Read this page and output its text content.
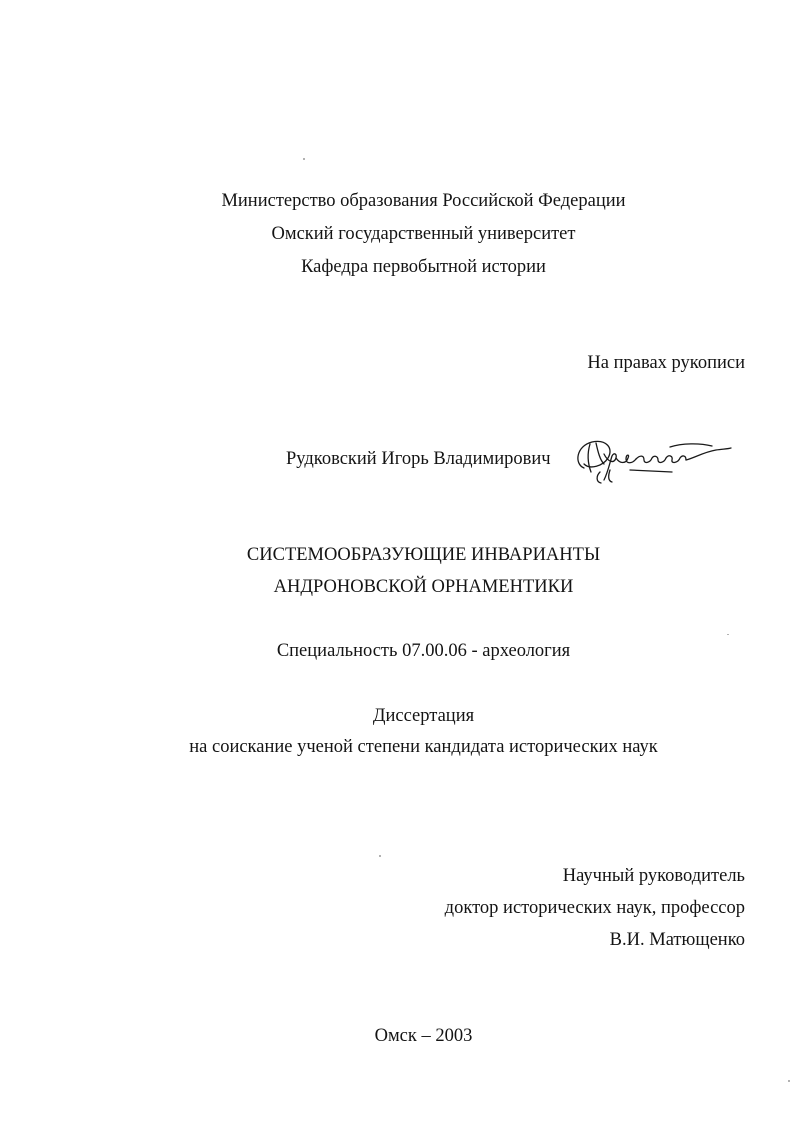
Министерство образования Российской Федерации
Омский государственный университет
Кафедра первобытной истории
На правах рукописи
Рудковский Игорь Владимирович
СИСТЕМООБРАЗУЮЩИЕ ИНВАРИАНТЫ
АНДРОНОВСКОЙ ОРНАМЕНТИКИ
Специальность 07.00.06 - археология
Диссертация
на соискание ученой степени кандидата исторических наук
Научный руководитель
доктор исторических наук, профессор
В.И. Матющенко
Омск – 2003
